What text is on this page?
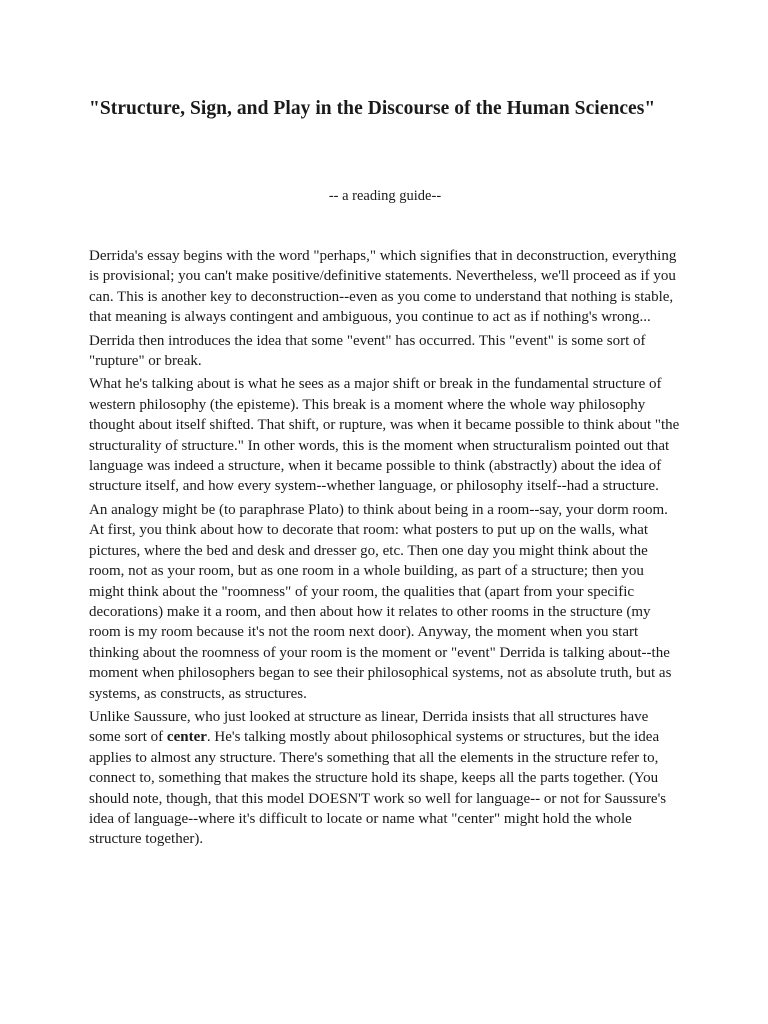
"Structure, Sign, and Play in the Discourse of the Human Sciences"

-- a reading guide--

Derrida's essay begins with the word "perhaps," which signifies that in deconstruction, everything is provisional; you can't make positive/definitive statements. Nevertheless, we'll proceed as if you can. This is another key to deconstruction--even as you come to understand that nothing is stable, that meaning is always contingent and ambiguous, you continue to act as if nothing's wrong...

Derrida then introduces the idea that some "event" has occurred. This "event" is some sort of "rupture" or break.

What he's talking about is what he sees as a major shift or break in the fundamental structure of western philosophy (the episteme). This break is a moment where the whole way philosophy thought about itself shifted. That shift, or rupture, was when it became possible to think about "the structurality of structure." In other words, this is the moment when structuralism pointed out that language was indeed a structure, when it became possible to think (abstractly) about the idea of structure itself, and how every system--whether language, or philosophy itself--had a structure.

An analogy might be (to paraphrase Plato) to think about being in a room--say, your dorm room. At first, you think about how to decorate that room: what posters to put up on the walls, what pictures, where the bed and desk and dresser go, etc. Then one day you might think about the room, not as your room, but as one room in a whole building, as part of a structure; then you might think about the "roomness" of your room, the qualities that (apart from your specific decorations) make it a room, and then about how it relates to other rooms in the structure (my room is my room because it's not the room next door). Anyway, the moment when you start thinking about the roomness of your room is the moment or "event" Derrida is talking about--the moment when philosophers began to see their philosophical systems, not as absolute truth, but as systems, as constructs, as structures.

Unlike Saussure, who just looked at structure as linear, Derrida insists that all structures have some sort of center. He's talking mostly about philosophical systems or structures, but the idea applies to almost any structure. There's something that all the elements in the structure refer to, connect to, something that makes the structure hold its shape, keeps all the parts together. (You should note, though, that this model DOESN'T work so well for language-- or not for Saussure's idea of language--where it's difficult to locate or name what "center" might hold the whole structure together).
